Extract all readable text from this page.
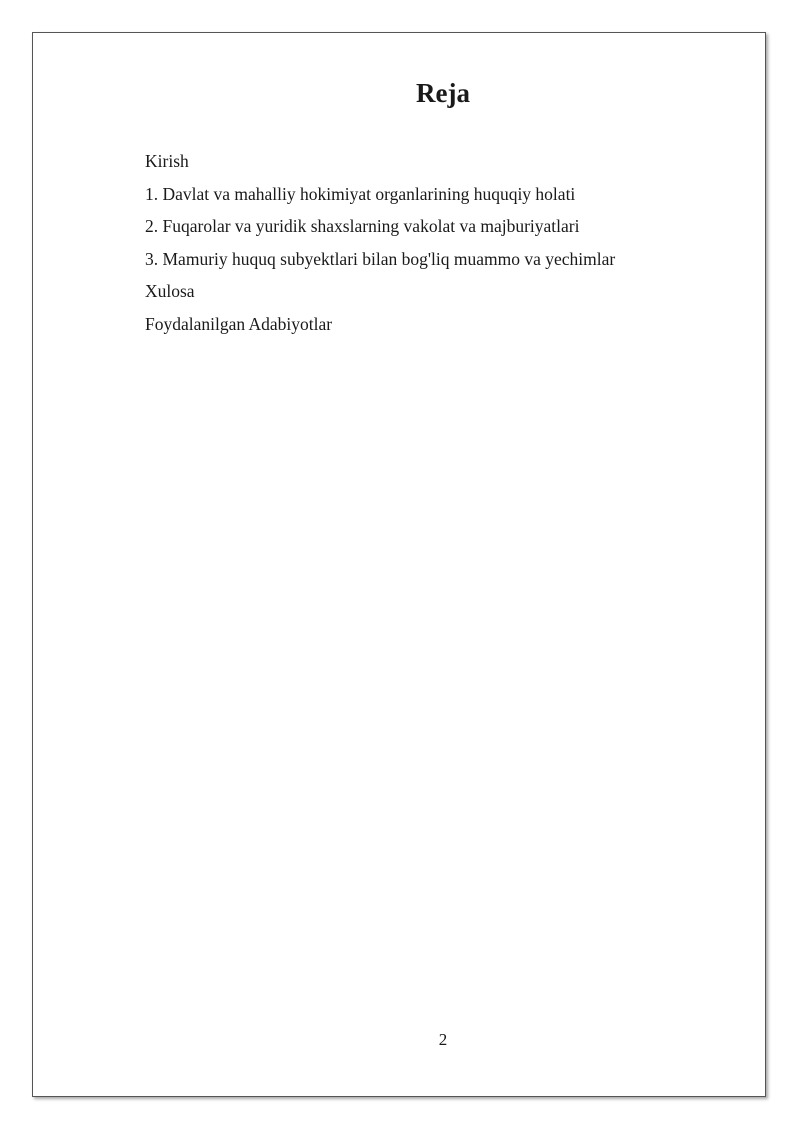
Reja
Kirish
1. Davlat va mahalliy hokimiyat organlarining huquqiy holati
2. Fuqarolar va yuridik shaxslarning vakolat va majburiyatlari
3. Mamuriy huquq subyektlari bilan bog'liq muammo va yechimlar
Xulosa
Foydalanilgan Adabiyotlar
2
